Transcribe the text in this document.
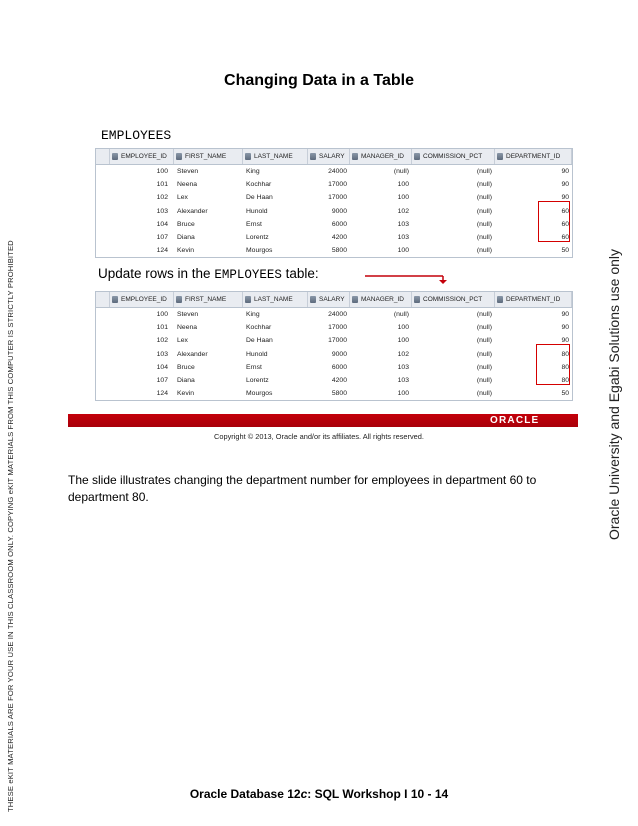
THESE eKIT MATERIALS ARE FOR YOUR USE IN THIS CLASSROOM ONLY. COPYING eKIT MATERIALS FROM THIS COMPUTER IS STRICTLY PROHIBITED	Oracle University and Egabi Solutions use only
Changing Data in a Table
EMPLOYEES
EMPLOYEE_ID	FIRST_NAME	LAST_NAME	SALARY	MANAGER_ID	COMMISSION_PCT	DEPARTMENT_ID
100	Steven	King	24000	(null)	(null)	90
101	Neena	Kochhar	17000	100	(null)	90
102	Lex	De Haan	17000	100	(null)	90
103	Alexander	Hunold	9000	102	(null)	60
104	Bruce	Ernst	6000	103	(null)	60
107	Diana	Lorentz	4200	103	(null)	60
124	Kevin	Mourgos	5800	100	(null)	50
Update rows in the EMPLOYEES table:
EMPLOYEE_ID	FIRST_NAME	LAST_NAME	SALARY	MANAGER_ID	COMMISSION_PCT	DEPARTMENT_ID
100	Steven	King	24000	(null)	(null)	90
101	Neena	Kochhar	17000	100	(null)	90
102	Lex	De Haan	17000	100	(null)	90
103	Alexander	Hunold	9000	102	(null)	80
104	Bruce	Ernst	6000	103	(null)	80
107	Diana	Lorentz	4200	103	(null)	80
124	Kevin	Mourgos	5800	100	(null)	50
ORACLE
Copyright © 2013, Oracle and/or its affiliates. All rights reserved.
The slide illustrates changing the department number for employees in department 60 to department 80.
Oracle Database 12c: SQL Workshop I 10 - 14
